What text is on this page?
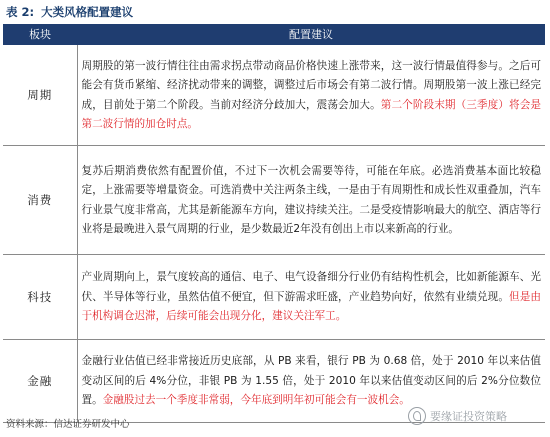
表 2: 大类风格配置建议
板块	配置建议
周期	周期股的第一波行情往往由需求拐点带动商品价格快速上涨带来，这一波行情最值得参与。之后可能会有货币紧缩、经济扰动带来的调整，调整过后市场会有第二波行情。周期股第一波上涨已经完成，目前处于第二个阶段。当前对经济分歧加大，震荡会加大。第二个阶段末期（三季度）将会是第二波行情的加仓时点。
消费	复苏后期消费依然有配置价值，不过下一次机会需要等待，可能在年底。必选消费基本面比较稳定，上涨需要等增量资金。可选消费中关注两条主线，一是由于有周期性和成长性双重叠加，汽车行业景气度非常高，尤其是新能源车方向，建议持续关注。二是受疫情影响最大的航空、酒店等行业将是最晚进入景气周期的行业，是少数最近2年没有创出上市以来新高的行业。
科技	产业周期向上，景气度较高的通信、电子、电气设备细分行业仍有结构性机会，比如新能源车、光伏、半导体等行业，虽然估值不便宜，但下游需求旺盛，产业趋势向好，依然有业绩兑现。但是由于机构调仓迟滞，后续可能会出现分化，建议关注军工。
金融	金融行业估值已经非常接近历史底部，从 PB 来看，银行 PB 为 0.68 倍，处于 2010 年以来估值变动区间的后 4%分位，非银 PB 为 1.55 倍，处于 2010 年以来估值变动区间的后 2%分位数位置。金融股过去一个季度非常弱，今年底到明年初可能会有一波机会。
资料来源：信达证券研发中心
要缘证投资策略
